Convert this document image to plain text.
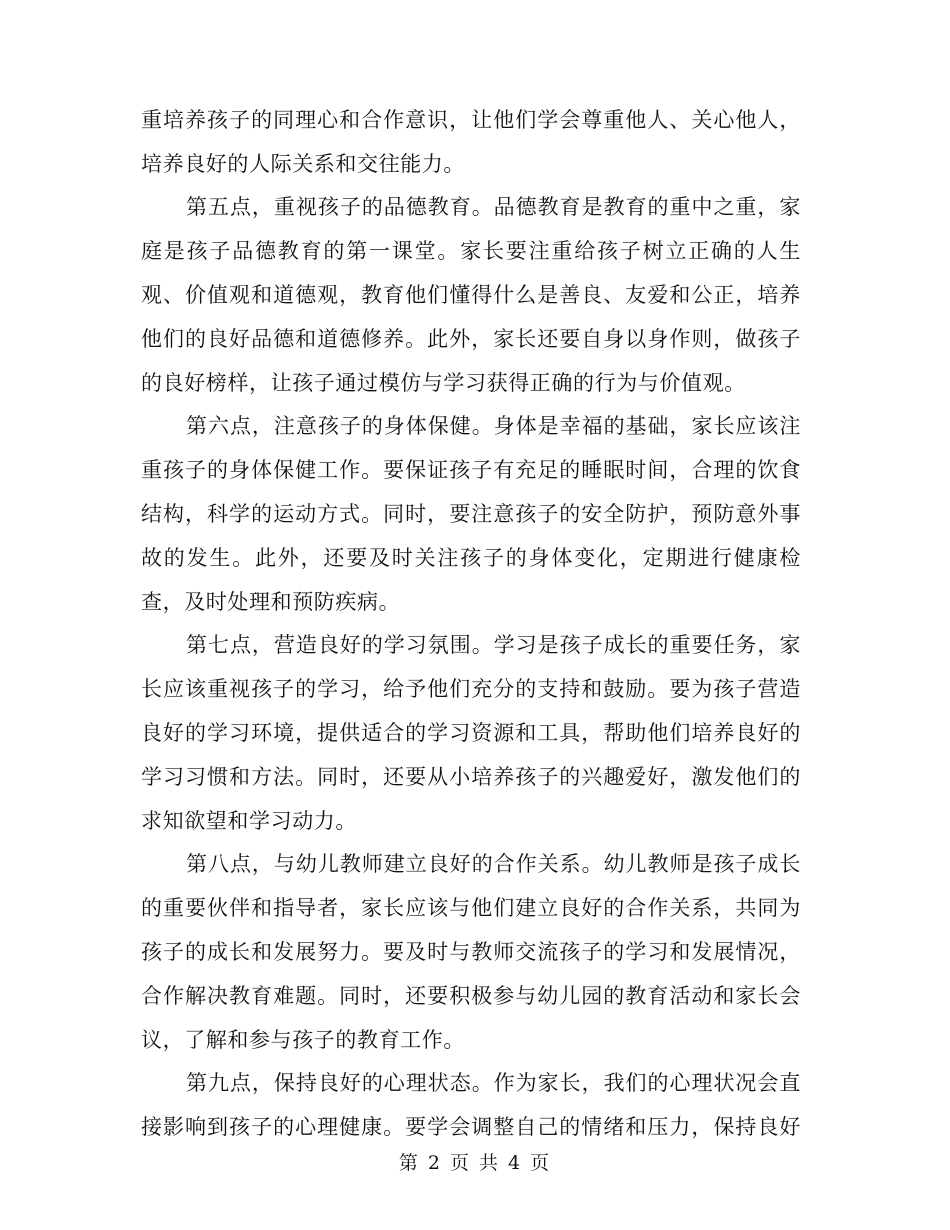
重培养孩子的同理心和合作意识，让他们学会尊重他人、关心他人，
培养良好的人际关系和交往能力。
第五点，重视孩子的品德教育。品德教育是教育的重中之重，家
庭是孩子品德教育的第一课堂。家长要注重给孩子树立正确的人生
观、价值观和道德观，教育他们懂得什么是善良、友爱和公正，培养
他们的良好品德和道德修养。此外，家长还要自身以身作则，做孩子
的良好榜样，让孩子通过模仿与学习获得正确的行为与价值观。
第六点，注意孩子的身体保健。身体是幸福的基础，家长应该注
重孩子的身体保健工作。要保证孩子有充足的睡眠时间，合理的饮食
结构，科学的运动方式。同时，要注意孩子的安全防护，预防意外事
故的发生。此外，还要及时关注孩子的身体变化，定期进行健康检
查，及时处理和预防疾病。
第七点，营造良好的学习氛围。学习是孩子成长的重要任务，家
长应该重视孩子的学习，给予他们充分的支持和鼓励。要为孩子营造
良好的学习环境，提供适合的学习资源和工具，帮助他们培养良好的
学习习惯和方法。同时，还要从小培养孩子的兴趣爱好，激发他们的
求知欲望和学习动力。
第八点，与幼儿教师建立良好的合作关系。幼儿教师是孩子成长
的重要伙伴和指导者，家长应该与他们建立良好的合作关系，共同为
孩子的成长和发展努力。要及时与教师交流孩子的学习和发展情况，
合作解决教育难题。同时，还要积极参与幼儿园的教育活动和家长会
议，了解和参与孩子的教育工作。
第九点，保持良好的心理状态。作为家长，我们的心理状况会直
接影响到孩子的心理健康。要学会调整自己的情绪和压力，保持良好
第 2 页 共 4 页
